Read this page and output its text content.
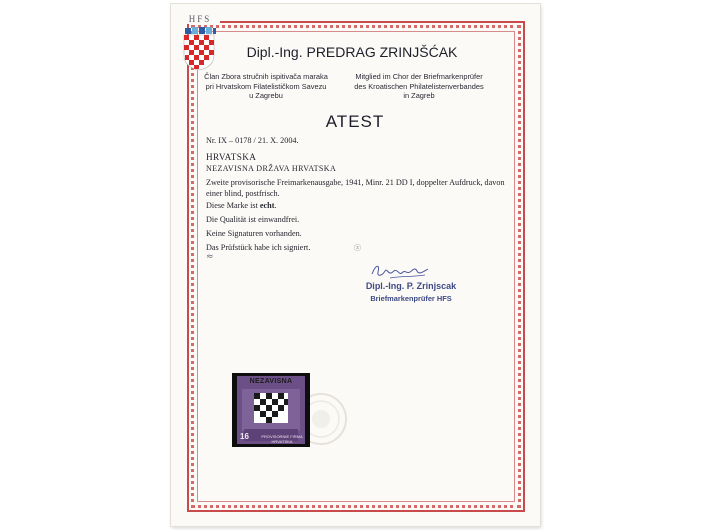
HFS
Dipl.-Ing. PREDRAG ZRINJŠĆAK
Član Zbora stručnih ispitivača maraka
pri Hrvatskom Filatelističkom Savezu
u Zagrebu
Mitglied im Chor der Briefmarkenprüfer
des Kroatischen Philatelistenverbandes
in Zagreb
ATEST
Nr. IX – 0178 / 21. X. 2004.
HRVATSKA
NEZAVISNA DRŽAVA HRVATSKA
Zweite provisorische Freimarkenausgabe, 1941, Minr. 21 DD I, doppelter Aufdruck, davon einer blind, postfrisch.
Diese Marke ist echt.
Die Qualität ist einwandfrei.
Keine Signaturen vorhanden.
Das Prüfstück habe ich signiert.	ⓩ
≈
Dipl.-Ing. P. Zrinjscak
Briefmarkenprüfer HFS
NEZAVISNA
16	PROVISORNIE FIRMA HRVATSKA
